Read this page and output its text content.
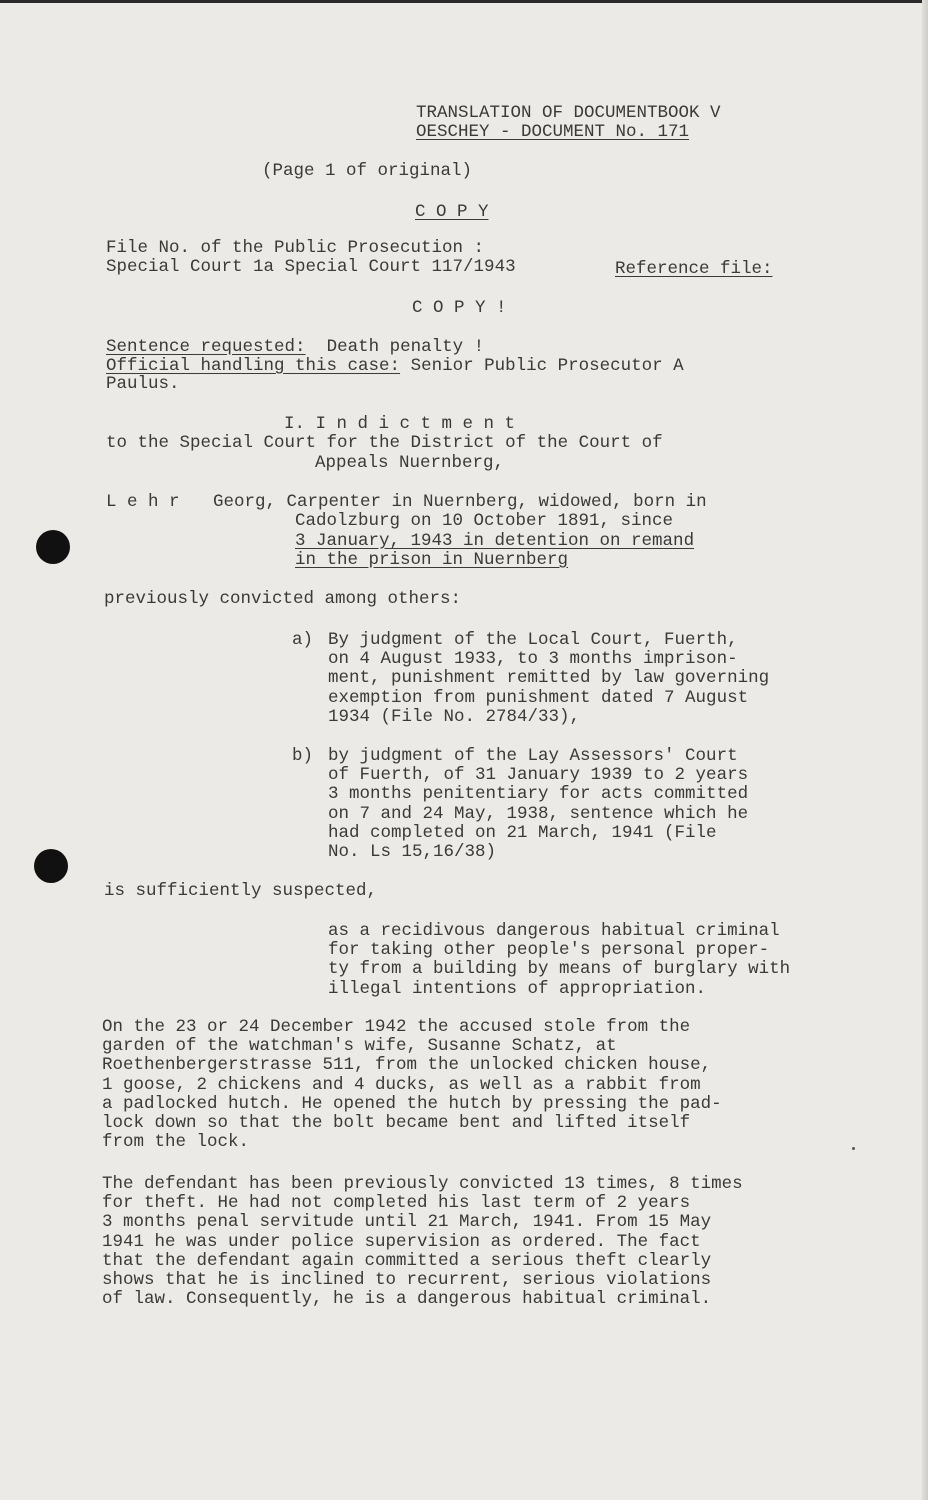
TRANSLATION OF DOCUMENTBOOK V
OESCHEY - DOCUMENT No. 171
(Page 1 of original)
C O P Y
File No. of the Public Prosecution :
Special Court 1a Special Court 117/1943	Reference file:
C O P Y !
Sentence requested: Death penalty !
Official handling this case: Senior Public Prosecutor A
Paulus.
I. I n d i c t m e n t
to the Special Court for the District of the Court of
Appeals Nuernberg,
L e h r Georg, Carpenter in Nuernberg, widowed, born in
Cadolzburg on 10 October 1891, since
3 January, 1943 in detention on remand
in the prison in Nuernberg
previously convicted among others:
a) By judgment of the Local Court, Fuerth,
on 4 August 1933, to 3 months imprison-
ment, punishment remitted by law governing
exemption from punishment dated 7 August
1934 (File No. 2784/33),
b) by judgment of the Lay Assessors' Court
of Fuerth, of 31 January 1939 to 2 years
3 months penitentiary for acts committed
on 7 and 24 May, 1938, sentence which he
had completed on 21 March, 1941 (File
No. Ls 15,16/38)
is sufficiently suspected,
as a recidivous dangerous habitual criminal
for taking other people's personal proper-
ty from a building by means of burglary with
illegal intentions of appropriation.
On the 23 or 24 December 1942 the accused stole from the
garden of the watchman's wife, Susanne Schatz, at
Roethenbergerstrasse 511, from the unlocked chicken house,
1 goose, 2 chickens and 4 ducks, as well as a rabbit from
a padlocked hutch. He opened the hutch by pressing the pad-
lock down so that the bolt became bent and lifted itself
from the lock.
The defendant has been previously convicted 13 times, 8 times
for theft. He had not completed his last term of 2 years
3 months penal servitude until 21 March, 1941. From 15 May
1941 he was under police supervision as ordered. The fact
that the defendant again committed a serious theft clearly
shows that he is inclined to recurrent, serious violations
of law. Consequently, he is a dangerous habitual criminal.
